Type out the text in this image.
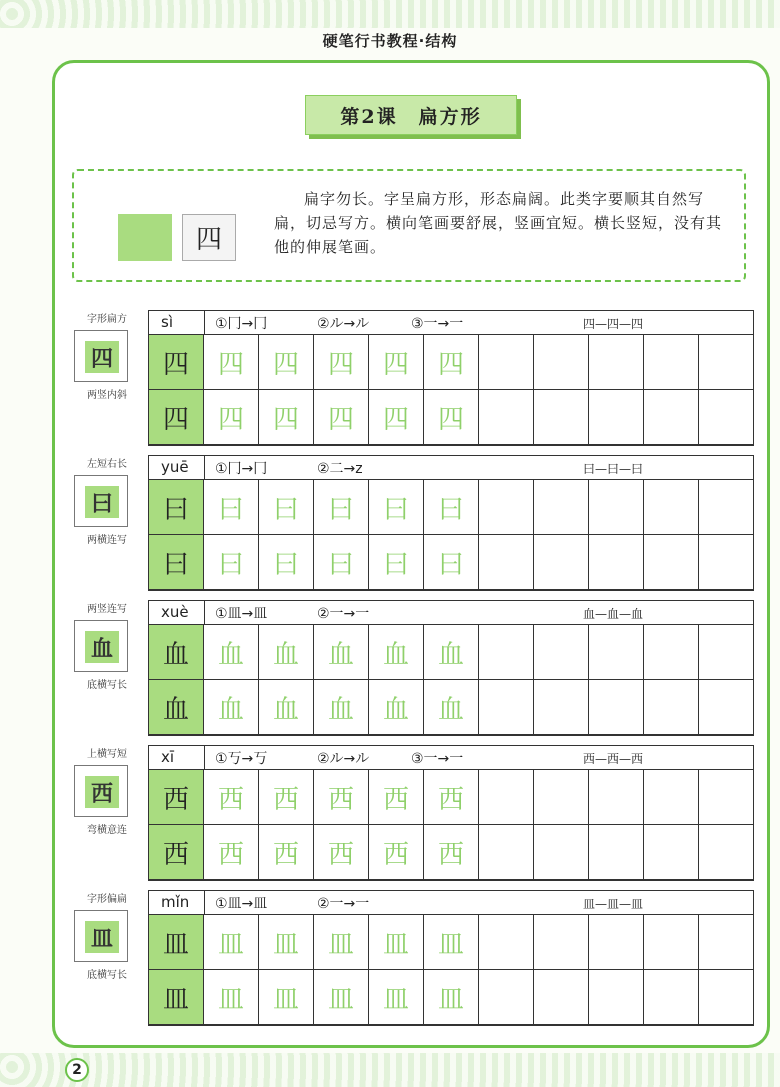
硬笔行书教程·结构
第2课　扁方形
四
扁字勿长。字呈扁方形，形态扁阔。此类字要顺其自然写扁，切忌写方。横向笔画要舒展，竖画宜短。横长竖短，没有其他的伸展笔画。
字形扁方
四
两竖内斜
sì	①冂→冂	②ル→ル	③一→一	四—四—四
四	四	四	四	四	四
四	四	四	四	四	四
左短右长
曰
两横连写
yuē	①冂→冂	②二→z	曰—曰—曰
曰	曰	曰	曰	曰	曰
曰	曰	曰	曰	曰	曰
两竖连写
血
底横写长
xuè	①皿→皿	②一→一	血—血—血
血	血	血	血	血	血
血	血	血	血	血	血
上横写短
西
弯横意连
xī	①丂→丂	②ル→ル	③一→一	西—西—西
西	西	西	西	西	西
西	西	西	西	西	西
字形偏扁
皿
底横写长
mǐn	①皿→皿	②一→一	皿—皿—皿
皿	皿	皿	皿	皿	皿
皿	皿	皿	皿	皿	皿
2
